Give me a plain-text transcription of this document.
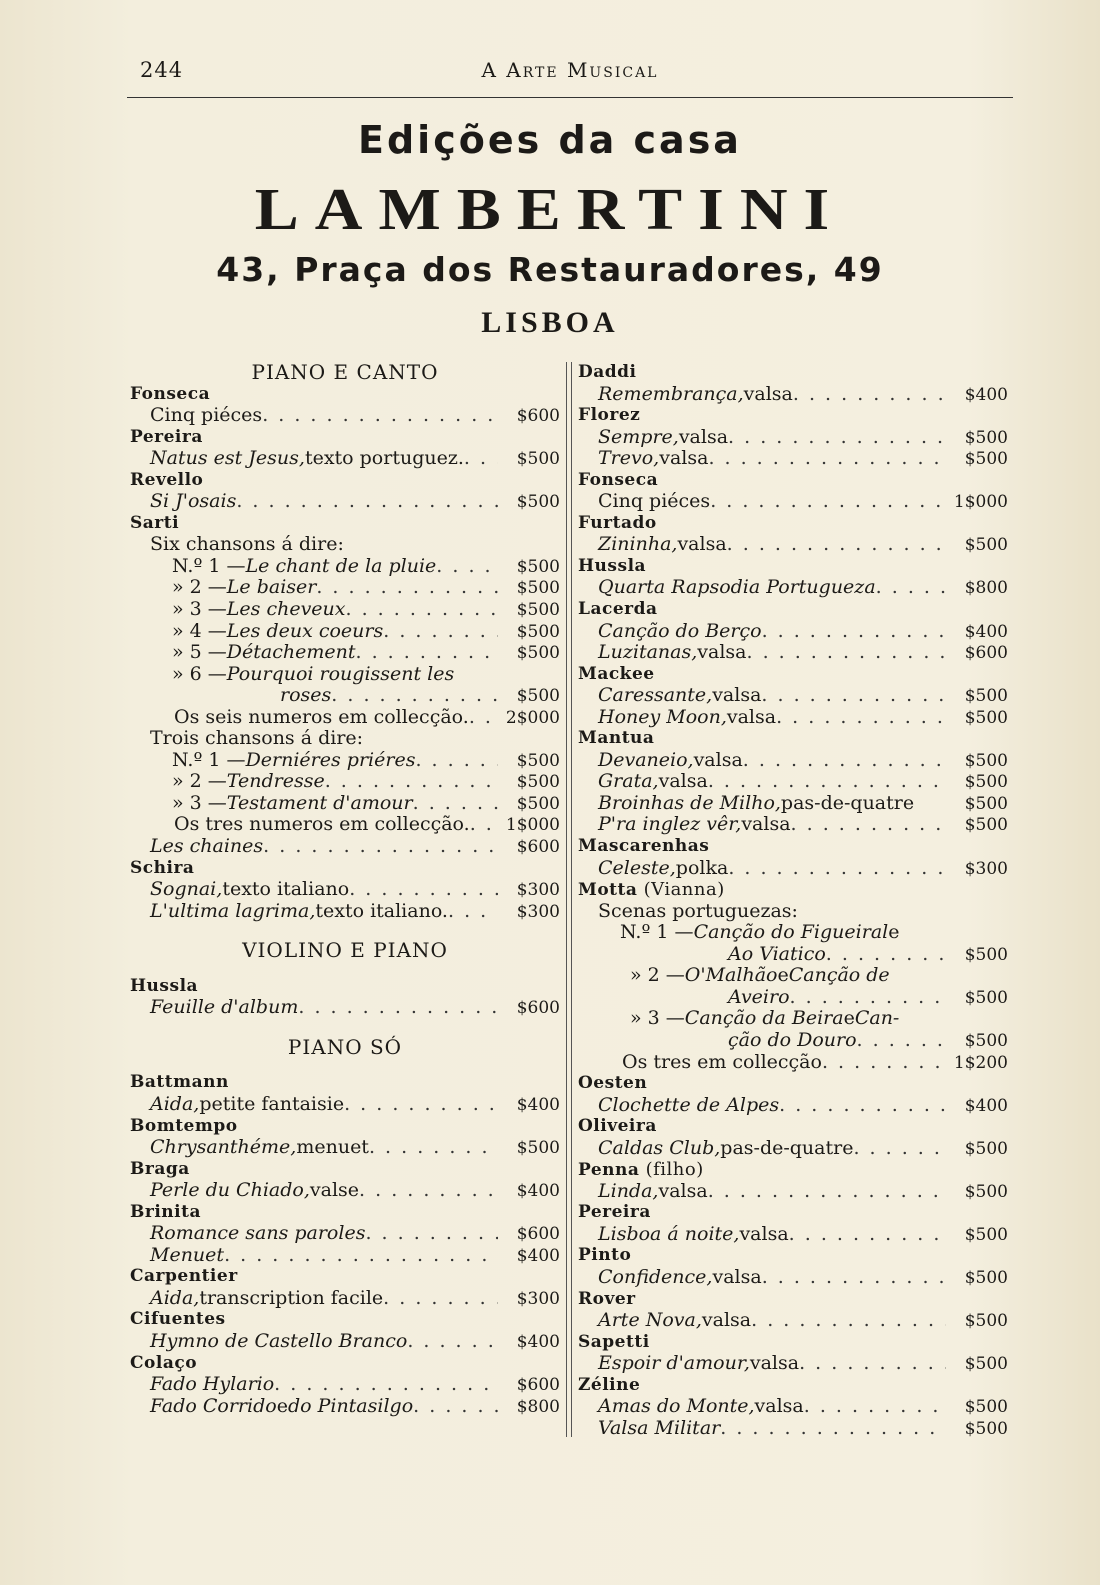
244	A Arte Musical
Edições da casa
LAMBERTINI
43, Praça dos Restauradores, 49
LISBOA
PIANO E CANTO
Fonseca
Cinq piéces . . .	$600
Pereira
Natus est Jesus, texto portuguez. . . .	$500
Revello
Si J'osais . . .	$500
Sarti
Six chansons á dire:
N.º 1 — Le chant de la pluie . . .	$500
» 2 — Le baiser . . .	$500
» 3 — Les cheveux . . .	$500
» 4 — Les deux coeurs . . .	$500
» 5 — Détachement . . .	$500
» 6 — Pourquoi rougissent les
roses . . .	$500
Os seis numeros em collecção. . . .	2$000
Trois chansons á dire:
N.º 1 — Derniéres priéres . . .	$500
» 2 — Tendresse . . .	$500
» 3 — Testament d'amour . . .	$500
Os tres numeros em collecção. . . .	1$000
Les chaines . . .	$600
Schira
Sognai, texto italiano . . .	$300
L'ultima lagrima, texto italiano. . . .	$300
VIOLINO E PIANO
Hussla
Feuille d'album . . .	$600
PIANO SÓ
Battmann
Aida, petite fantaisie . . .	$400
Bomtempo
Chrysanthéme, menuet . . .	$500
Braga
Perle du Chiado, valse . . .	$400
Brinita
Romance sans paroles . . .	$600
Menuet . . .	$400
Carpentier
Aida, transcription facile . . .	$300
Cifuentes
Hymno de Castello Branco . . .	$400
Colaço
Fado Hylario . . .	$600
Fado Corrido e do Pintasilgo . . .	$800
Daddi
Remembrança, valsa . . .	$400
Florez
Sempre, valsa . . .	$500
Trevo, valsa . . .	$500
Fonseca
Cinq piéces . . .	1$000
Furtado
Zininha, valsa . . .	$500
Hussla
Quarta Rapsodia Portugueza . . .	$800
Lacerda
Canção do Berço . . .	$400
Luzitanas, valsa . . .	$600
Mackee
Caressante, valsa . . .	$500
Honey Moon, valsa . . .	$500
Mantua
Devaneio, valsa . . .	$500
Grata, valsa . . .	$500
Broinhas de Milho, pas-de-quatre	$500
P'ra inglez vêr, valsa . . .	$500
Mascarenhas
Celeste, polka . . .	$300
Motta (Vianna)
Scenas portuguezas:
N.º 1 — Canção do Figueiral e
Ao Viatico . . .	$500
» 2 — O'Malhão e Canção de
Aveiro . . .	$500
» 3 — Canção da Beira e Can-
ção do Douro . . .	$500
Os tres em collecção . . .	1$200
Oesten
Clochette de Alpes . . .	$400
Oliveira
Caldas Club, pas-de-quatre . . .	$500
Penna (filho)
Linda, valsa . . .	$500
Pereira
Lisboa á noite, valsa . . .	$500
Pinto
Confidence, valsa . . .	$500
Rover
Arte Nova, valsa . . .	$500
Sapetti
Espoir d'amour, valsa . . .	$500
Zéline
Amas do Monte, valsa . . .	$500
Valsa Militar . . .	$500
